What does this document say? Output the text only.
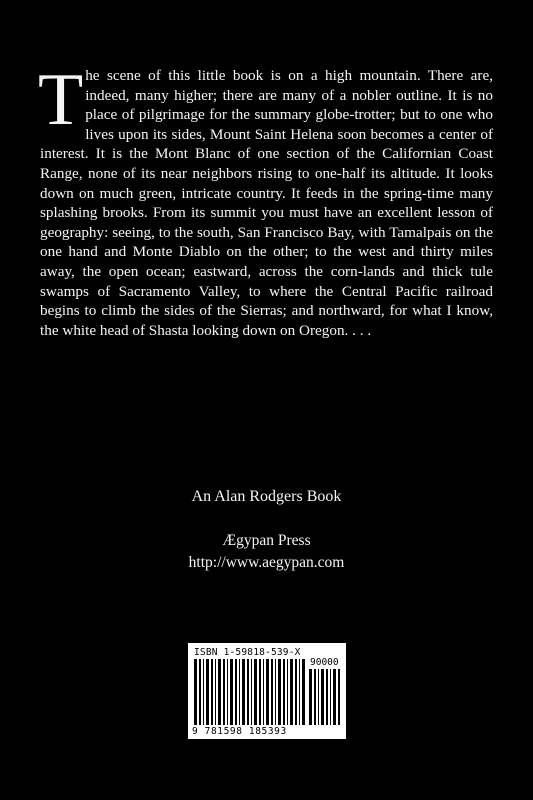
The scene of this little book is on a high mountain. There are, indeed, many higher; there are many of a nobler outline. It is no place of pilgrimage for the summary globe-trotter; but to one who lives upon its sides, Mount Saint Helena soon becomes a center of interest. It is the Mont Blanc of one section of the Californian Coast Range, none of its near neighbors rising to one-half its altitude. It looks down on much green, intricate country. It feeds in the spring-time many splashing brooks. From its summit you must have an excellent lesson of geography: seeing, to the south, San Francisco Bay, with Tamalpais on the one hand and Monte Diablo on the other; to the west and thirty miles away, the open ocean; eastward, across the corn-lands and thick tule swamps of Sacramento Valley, to where the Central Pacific railroad begins to climb the sides of the Sierras; and northward, for what I know, the white head of Shasta looking down on Oregon. . . .

An Alan Rodgers Book

Ægypan Press

http://www.aegypan.com

ISBN 1-59818-539-X
90000
9 781598 185393
